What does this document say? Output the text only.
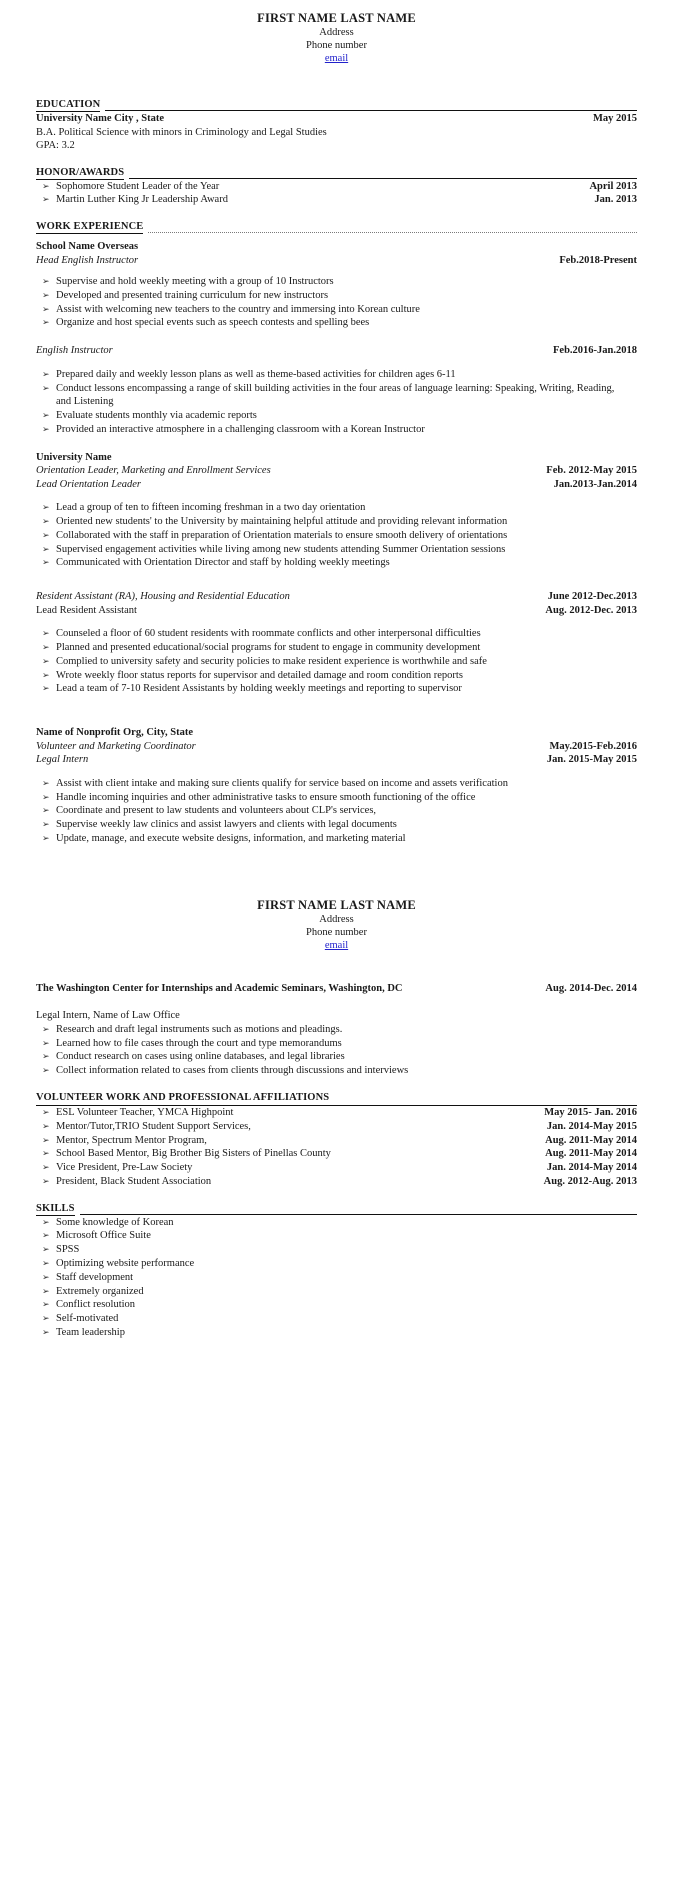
FIRST NAME LAST NAME
Address
Phone number
email
EDUCATION
University Name City , State	May 2015
B.A. Political Science with minors in Criminology and Legal Studies
GPA: 3.2
HONOR/AWARDS
➢ Sophomore Student Leader of the Year	April 2013
➢ Martin Luther King Jr Leadership Award	Jan. 2013
WORK EXPERIENCE
School Name Overseas
Head English Instructor	Feb.2018-Present
➢ Supervise and hold weekly meeting with a group of 10 Instructors
➢ Developed and presented training curriculum for new instructors
➢ Assist with welcoming new teachers to the country and immersing into Korean culture
➢ Organize and host special events such as speech contests and spelling bees
English Instructor	Feb.2016-Jan.2018
➢ Prepared daily and weekly lesson plans as well as theme-based activities for children ages 6-11
➢ Conduct lessons encompassing a range of skill building activities in the four areas of language learning: Speaking, Writing, Reading, and Listening
➢ Evaluate students monthly via academic reports
➢ Provided an interactive atmosphere in a challenging classroom with a Korean Instructor
University Name
Orientation Leader, Marketing and Enrollment Services	Feb. 2012-May 2015
Lead Orientation Leader	Jan.2013-Jan.2014
➢ Lead a group of ten to fifteen incoming freshman in a two day orientation
➢ Oriented new students' to the University by maintaining helpful attitude and providing relevant information
➢ Collaborated with the staff in preparation of Orientation materials to ensure smooth delivery of orientations
➢ Supervised engagement activities while living among new students attending Summer Orientation sessions
➢ Communicated with Orientation Director and staff by holding weekly meetings
Resident Assistant (RA), Housing and Residential Education	June 2012-Dec.2013
Lead Resident Assistant	Aug. 2012-Dec. 2013
➢ Counseled a floor of 60 student residents with roommate conflicts and other interpersonal difficulties
➢ Planned and presented educational/social programs for student to engage in community development
➢ Complied to university safety and security policies to make resident experience is worthwhile and safe
➢ Wrote weekly floor status reports for supervisor and detailed damage and room condition reports
➢ Lead a team of 7-10 Resident Assistants by holding weekly meetings and reporting to supervisor
Name of Nonprofit Org, City, State
Volunteer and Marketing Coordinator	May.2015-Feb.2016
Legal Intern	Jan. 2015-May 2015
➢ Assist with client intake and making sure clients qualify for service based on income and assets verification
➢ Handle incoming inquiries and other administrative tasks to ensure smooth functioning of the office
➢ Coordinate and present to law students and volunteers about CLP's services,
➢ Supervise weekly law clinics and assist lawyers and clients with legal documents
➢ Update, manage, and execute website designs, information, and marketing material
FIRST NAME LAST NAME
Address
Phone number
email
The Washington Center for Internships and Academic Seminars, Washington, DC	Aug. 2014-Dec. 2014
Legal Intern, Name of Law Office
➢ Research and draft legal instruments such as motions and pleadings.
➢ Learned how to file cases through the court and type memorandums
➢ Conduct research on cases using online databases, and legal libraries
➢ Collect information related to cases from clients through discussions and interviews
VOLUNTEER WORK AND PROFESSIONAL AFFILIATIONS
➢ ESL Volunteer Teacher, YMCA Highpoint	May 2015- Jan. 2016
➢ Mentor/Tutor,TRIO Student Support Services,	Jan. 2014-May 2015
➢ Mentor, Spectrum Mentor Program,	Aug. 2011-May 2014
➢ School Based Mentor, Big Brother Big Sisters of Pinellas County	Aug. 2011-May 2014
➢ Vice President, Pre-Law Society	Jan. 2014-May 2014
➢ President, Black Student Association	Aug. 2012-Aug. 2013
SKILLS
➢ Some knowledge of Korean
➢ Microsoft Office Suite
➢ SPSS
➢ Optimizing website performance
➢ Staff development
➢ Extremely organized
➢ Conflict resolution
➢ Self-motivated
➢ Team leadership
